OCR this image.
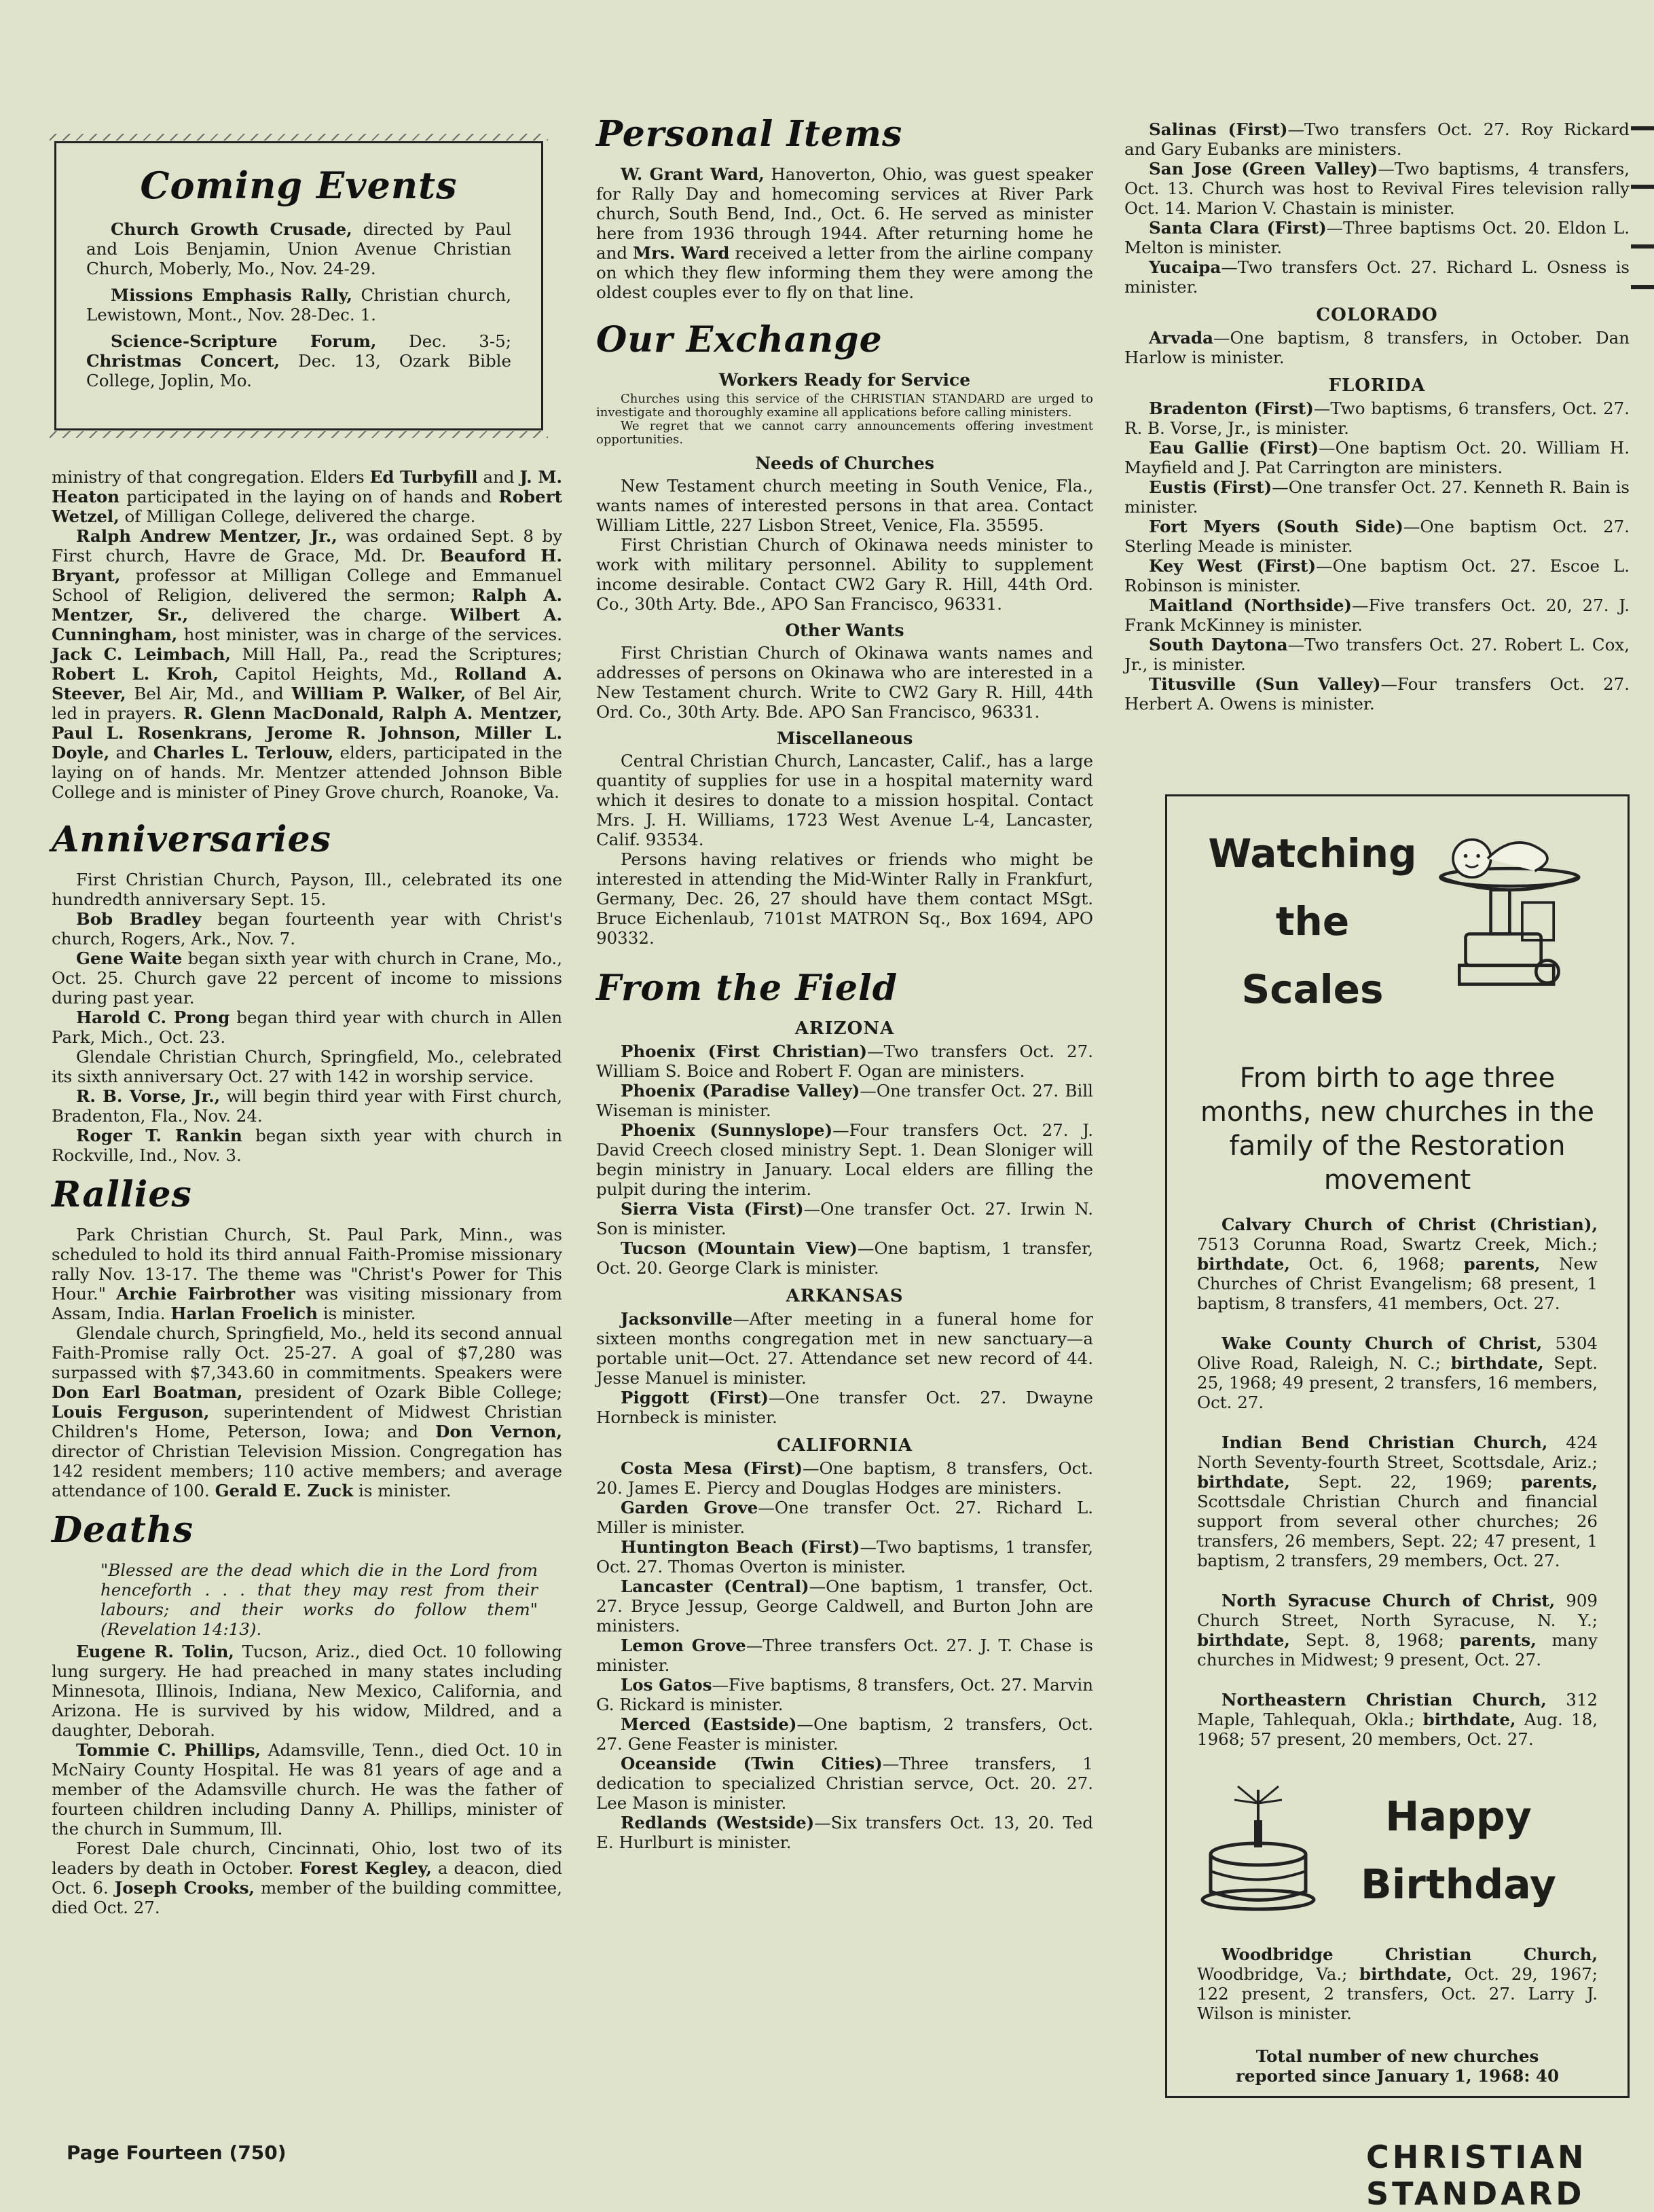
Coming Events

Church Growth Crusade, directed by Paul and Lois Benjamin, Union Avenue Christian Church, Moberly, Mo., Nov. 24-29.

Missions Emphasis Rally, Christian church, Lewistown, Mont., Nov. 28-Dec. 1.

Science-Scripture Forum, Dec. 3-5; Christmas Concert, Dec. 13, Ozark Bible College, Joplin, Mo.

ministry of that congregation. Elders Ed Turbyfill and J. M. Heaton participated in the laying on of hands and Robert Wetzel, of Milligan College, delivered the charge.

Ralph Andrew Mentzer, Jr., was ordained Sept. 8 by First church, Havre de Grace, Md. Dr. Beauford H. Bryant, professor at Milligan College and Emmanuel School of Religion, delivered the sermon; Ralph A. Mentzer, Sr., delivered the charge. Wilbert A. Cunningham, host minister, was in charge of the services. Jack C. Leimbach, Mill Hall, Pa., read the Scriptures; Robert L. Kroh, Capitol Heights, Md., Rolland A. Steever, Bel Air, Md., and William P. Walker, of Bel Air, led in prayers. R. Glenn MacDonald, Ralph A. Mentzer, Paul L. Rosenkrans, Jerome R. Johnson, Miller L. Doyle, and Charles L. Terlouw, elders, participated in the laying on of hands. Mr. Mentzer attended Johnson Bible College and is minister of Piney Grove church, Roanoke, Va.

Anniversaries

First Christian Church, Payson, Ill., celebrated its one hundredth anniversary Sept. 15.

Bob Bradley began fourteenth year with Christ's church, Rogers, Ark., Nov. 7.

Gene Waite began sixth year with church in Crane, Mo., Oct. 25. Church gave 22 percent of income to missions during past year.

Harold C. Prong began third year with church in Allen Park, Mich., Oct. 23.

Glendale Christian Church, Springfield, Mo., celebrated its sixth anniversary Oct. 27 with 142 in worship service.

R. B. Vorse, Jr., will begin third year with First church, Bradenton, Fla., Nov. 24.

Roger T. Rankin began sixth year with church in Rockville, Ind., Nov. 3.

Rallies

Park Christian Church, St. Paul Park, Minn., was scheduled to hold its third annual Faith-Promise missionary rally Nov. 13-17. The theme was "Christ's Power for This Hour." Archie Fairbrother was visiting missionary from Assam, India. Harlan Froelich is minister.

Glendale church, Springfield, Mo., held its second annual Faith-Promise rally Oct. 25-27. A goal of $7,280 was surpassed with $7,343.60 in commitments. Speakers were Don Earl Boatman, president of Ozark Bible College; Louis Ferguson, superintendent of Midwest Christian Children's Home, Peterson, Iowa; and Don Vernon, director of Christian Television Mission. Congregation has 142 resident members; 110 active members; and average attendance of 100. Gerald E. Zuck is minister.

Deaths

"Blessed are the dead which die in the Lord from henceforth . . . that they may rest from their labours; and their works do follow them" (Revelation 14:13).

Eugene R. Tolin, Tucson, Ariz., died Oct. 10 following lung surgery. He had preached in many states including Minnesota, Illinois, Indiana, New Mexico, California, and Arizona. He is survived by his widow, Mildred, and a daughter, Deborah.

Tommie C. Phillips, Adamsville, Tenn., died Oct. 10 in McNairy County Hospital. He was 81 years of age and a member of the Adamsville church. He was the father of fourteen children including Danny A. Phillips, minister of the church in Summum, Ill.

Forest Dale church, Cincinnati, Ohio, lost two of its leaders by death in October. Forest Kegley, a deacon, died Oct. 6. Joseph Crooks, member of the building committee, died Oct. 27.

Personal Items

W. Grant Ward, Hanoverton, Ohio, was guest speaker for Rally Day and homecoming services at River Park church, South Bend, Ind., Oct. 6. He served as minister here from 1936 through 1944. After returning home he and Mrs. Ward received a letter from the airline company on which they flew informing them they were among the oldest couples ever to fly on that line.

Our Exchange
Workers Ready for Service

Churches using this service of the CHRISTIAN STANDARD are urged to investigate and thoroughly examine all applications before calling ministers.

We regret that we cannot carry announcements offering investment opportunities.

Needs of Churches

New Testament church meeting in South Venice, Fla., wants names of interested persons in that area. Contact William Little, 227 Lisbon Street, Venice, Fla. 35595.

First Christian Church of Okinawa needs minister to work with military personnel. Ability to supplement income desirable. Contact CW2 Gary R. Hill, 44th Ord. Co., 30th Arty. Bde., APO San Francisco, 96331.

Other Wants

First Christian Church of Okinawa wants names and addresses of persons on Okinawa who are interested in a New Testament church. Write to CW2 Gary R. Hill, 44th Ord. Co., 30th Arty. Bde. APO San Francisco, 96331.

Miscellaneous

Central Christian Church, Lancaster, Calif., has a large quantity of supplies for use in a hospital maternity ward which it desires to donate to a mission hospital. Contact Mrs. J. H. Williams, 1723 West Avenue L-4, Lancaster, Calif. 93534.

Persons having relatives or friends who might be interested in attending the Mid-Winter Rally in Frankfurt, Germany, Dec. 26, 27 should have them contact MSgt. Bruce Eichenlaub, 7101st MATRON Sq., Box 1694, APO 90332.

From the Field
ARIZONA

Phoenix (First Christian)—Two transfers Oct. 27. William S. Boice and Robert F. Ogan are ministers.

Phoenix (Paradise Valley)—One transfer Oct. 27. Bill Wiseman is minister.

Phoenix (Sunnyslope)—Four transfers Oct. 27. J. David Creech closed ministry Sept. 1. Dean Sloniger will begin ministry in January. Local elders are filling the pulpit during the interim.

Sierra Vista (First)—One transfer Oct. 27. Irwin N. Son is minister.

Tucson (Mountain View)—One baptism, 1 transfer, Oct. 20. George Clark is minister.

ARKANSAS

Jacksonville—After meeting in a funeral home for sixteen months congregation met in new sanctuary—a portable unit—Oct. 27. Attendance set new record of 44. Jesse Manuel is minister.

Piggott (First)—One transfer Oct. 27. Dwayne Hornbeck is minister.

CALIFORNIA

Costa Mesa (First)—One baptism, 8 transfers, Oct. 20. James E. Piercy and Douglas Hodges are ministers.

Garden Grove—One transfer Oct. 27. Richard L. Miller is minister.

Huntington Beach (First)—Two baptisms, 1 transfer, Oct. 27. Thomas Overton is minister.

Lancaster (Central)—One baptism, 1 transfer, Oct. 27. Bryce Jessup, George Caldwell, and Burton John are ministers.

Lemon Grove—Three transfers Oct. 27. J. T. Chase is minister.

Los Gatos—Five baptisms, 8 transfers, Oct. 27. Marvin G. Rickard is minister.

Merced (Eastside)—One baptism, 2 transfers, Oct. 27. Gene Feaster is minister.

Oceanside (Twin Cities)—Three transfers, 1 dedication to specialized Christian servce, Oct. 20. 27. Lee Mason is minister.

Redlands (Westside)—Six transfers Oct. 13, 20. Ted E. Hurlburt is minister.

Salinas (First)—Two transfers Oct. 27. Roy Rickard and Gary Eubanks are ministers.

San Jose (Green Valley)—Two baptisms, 4 transfers, Oct. 13. Church was host to Revival Fires television rally Oct. 14. Marion V. Chastain is minister.

Santa Clara (First)—Three baptisms Oct. 20. Eldon L. Melton is minister.

Yucaipa—Two transfers Oct. 27. Richard L. Osness is minister.

COLORADO

Arvada—One baptism, 8 transfers, in October. Dan Harlow is minister.

FLORIDA

Bradenton (First)—Two baptisms, 6 transfers, Oct. 27. R. B. Vorse, Jr., is minister.

Eau Gallie (First)—One baptism Oct. 20. William H. Mayfield and J. Pat Carrington are ministers.

Eustis (First)—One transfer Oct. 27. Kenneth R. Bain is minister.

Fort Myers (South Side)—One baptism Oct. 27. Sterling Meade is minister.

Key West (First)—One baptism Oct. 27. Escoe L. Robinson is minister.

Maitland (Northside)—Five transfers Oct. 20, 27. J. Frank McKinney is minister.

South Daytona—Two transfers Oct. 27. Robert L. Cox, Jr., is minister.

Titusville (Sun Valley)—Four transfers Oct. 27. Herbert A. Owens is minister.

Watching
the
Scales
From birth to age three months, new churches in the family of the Restoration movement

Calvary Church of Christ (Christian), 7513 Corunna Road, Swartz Creek, Mich.; birthdate, Oct. 6, 1968; parents, New Churches of Christ Evangelism; 68 present, 1 baptism, 8 transfers, 41 members, Oct. 27.

Wake County Church of Christ, 5304 Olive Road, Raleigh, N. C.; birthdate, Sept. 25, 1968; 49 present, 2 transfers, 16 members, Oct. 27.

Indian Bend Christian Church, 424 North Seventy-fourth Street, Scottsdale, Ariz.; birthdate, Sept. 22, 1969; parents, Scottsdale Christian Church and financial support from several other churches; 26 transfers, 26 members, Sept. 22; 47 present, 1 baptism, 2 transfers, 29 members, Oct. 27.

North Syracuse Church of Christ, 909 Church Street, North Syracuse, N. Y.; birthdate, Sept. 8, 1968; parents, many churches in Midwest; 9 present, Oct. 27.

Northeastern Christian Church, 312 Maple, Tahlequah, Okla.; birthdate, Aug. 18, 1968; 57 present, 20 members, Oct. 27.

Happy
Birthday

Woodbridge Christian Church, Woodbridge, Va.; birthdate, Oct. 29, 1967; 122 present, 2 transfers, Oct. 27. Larry J. Wilson is minister.

Total number of new churches reported since January 1, 1968: 40

Page Fourteen (750)	CHRISTIAN STANDARD
